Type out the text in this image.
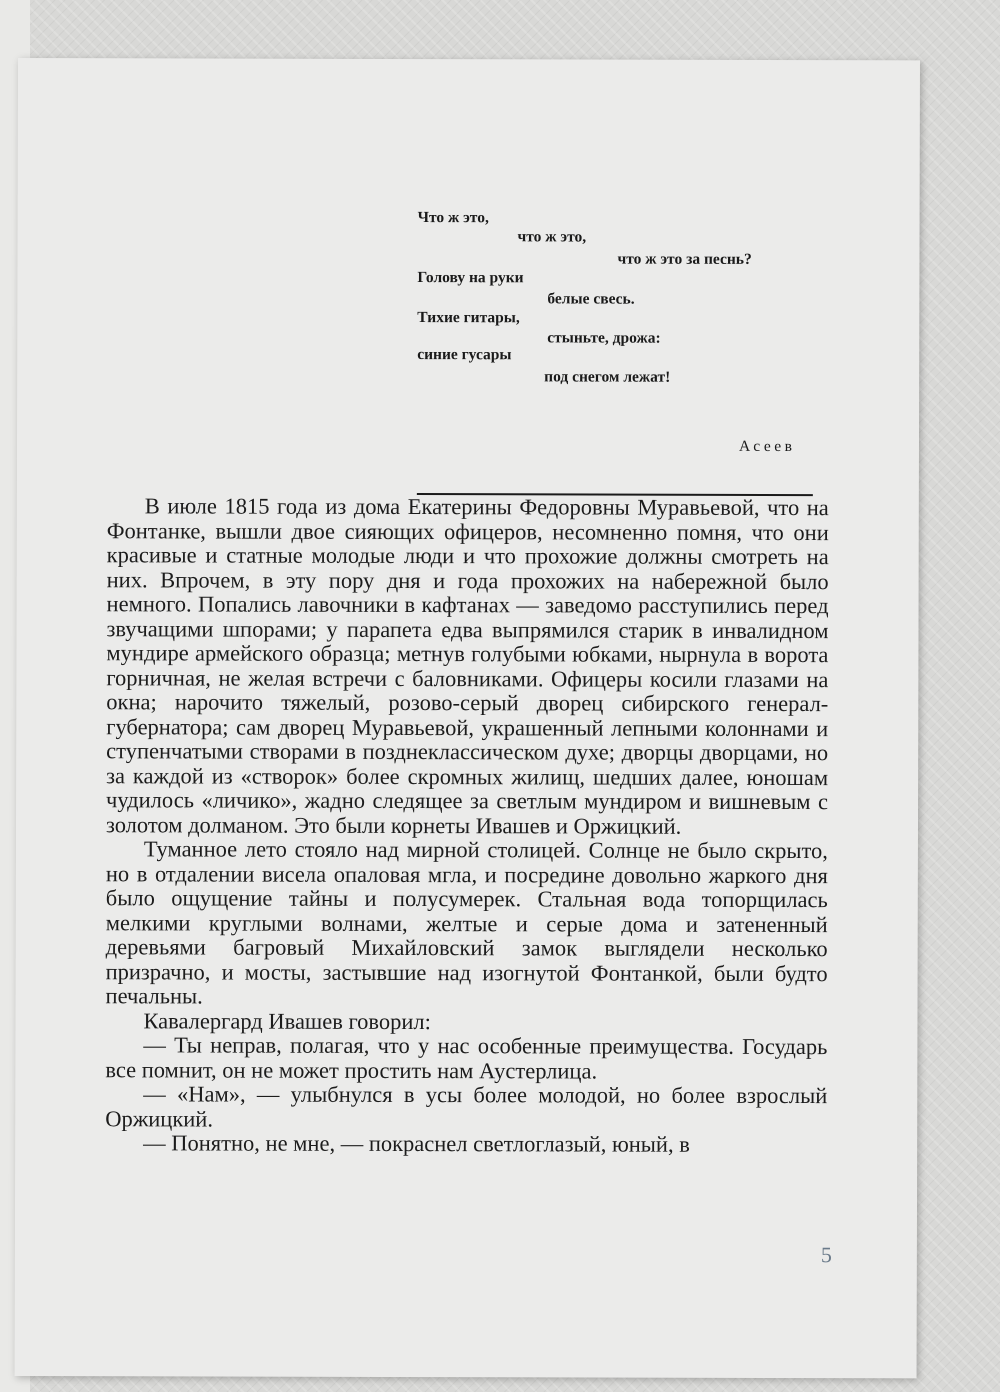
Что ж это,
что ж это,
что ж это за песнь?
Голову на руки
белые свесь.
Тихие гитары,
стыньте, дрожа:
синие гусары
под снегом лежат!
Асеев

В июле 1815 года из дома Екатерины Федоровны Муравьевой, что на Фонтанке, вышли двое сияющих офицеров, несомненно помня, что они красивые и статные молодые люди и что прохожие должны смотреть на них. Впрочем, в эту пору дня и года прохожих на набережной было немного. Попались лавочники в кафтанах — заведомо расступились перед звучащими шпорами; у парапета едва выпрямился старик в инвалидном мундире армейского образца; метнув голубыми юбками, нырнула в ворота горничная, не желая встречи с баловниками. Офицеры косили глазами на окна; нарочито тяжелый, розово-серый дворец сибирского генерал-губернатора; сам дворец Муравьевой, украшенный лепными колоннами и ступенчатыми створами в позднеклассическом духе; дворцы дворцами, но за каждой из «створок» более скромных жилищ, шедших далее, юношам чудилось «личико», жадно следящее за светлым мундиром и вишневым с золотом долманом. Это были корнеты Ивашев и Оржицкий.

Туманное лето стояло над мирной столицей. Солнце не было скрыто, но в отдалении висела опаловая мгла, и посредине довольно жаркого дня было ощущение тайны и полусумерек. Стальная вода топорщилась мелкими круглыми волнами, желтые и серые дома и затененный деревьями багровый Михайловский замок выглядели несколько призрачно, и мосты, застывшие над изогнутой Фонтанкой, были будто печальны.

Кавалергард Ивашев говорил:

— Ты неправ, полагая, что у нас особенные преимущества. Государь все помнит, он не может простить нам Аустерлица.

— «Нам», — улыбнулся в усы более молодой, но более взрослый Оржицкий.

— Понятно, не мне, — покраснел светлоглазый, юный, в

5
